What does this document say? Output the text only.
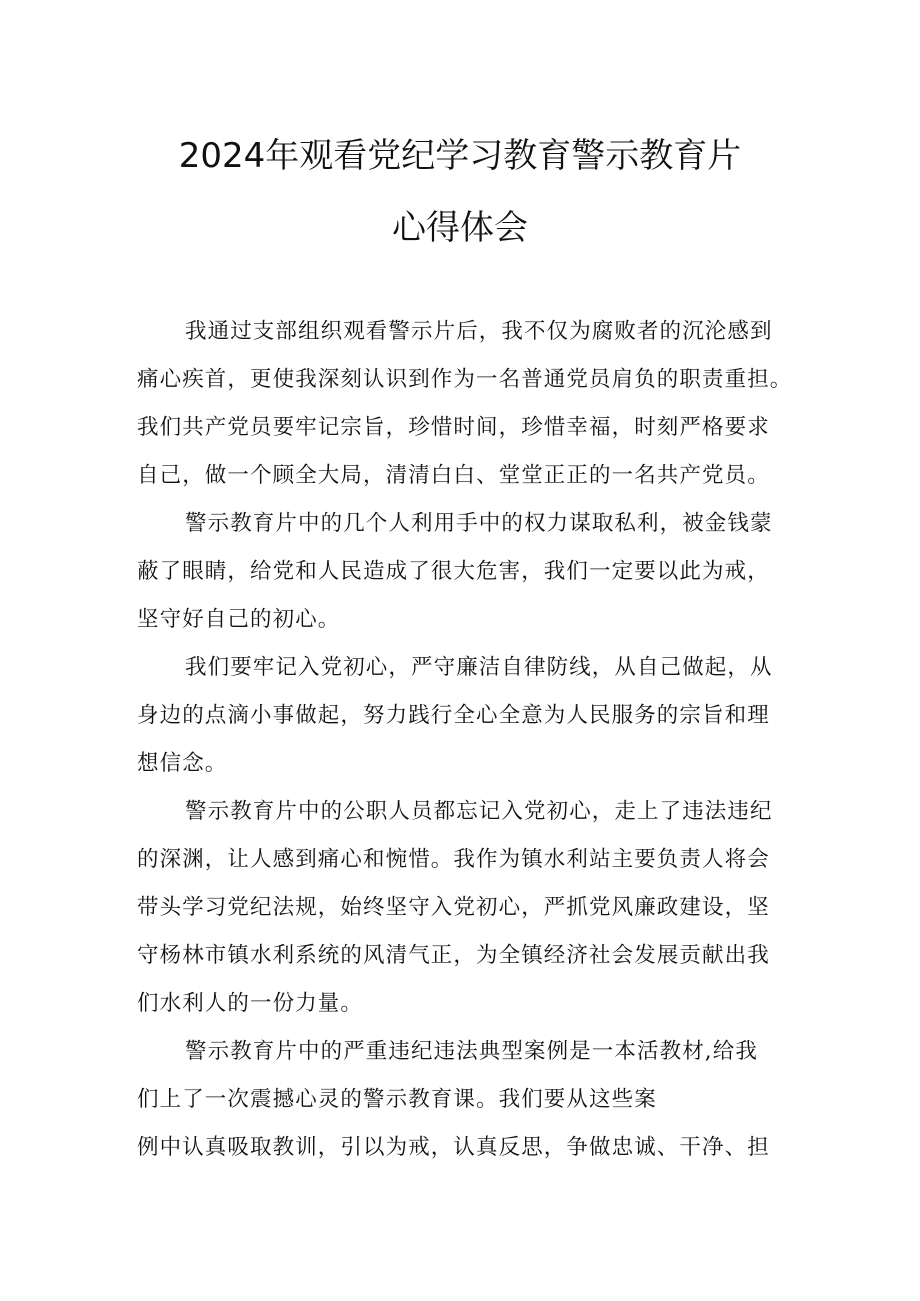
2024年观看党纪学习教育警示教育片
心得体会
我通过支部组织观看警示片后，我不仅为腐败者的沉沦感到
痛心疾首，更使我深刻认识到作为一名普通党员肩负的职责重担。
我们共产党员要牢记宗旨，珍惜时间，珍惜幸福，时刻严格要求
自己，做一个顾全大局，清清白白、堂堂正正的一名共产党员。
警示教育片中的几个人利用手中的权力谋取私利，被金钱蒙
蔽了眼睛，给党和人民造成了很大危害，我们一定要以此为戒，
坚守好自己的初心。
我们要牢记入党初心，严守廉洁自律防线，从自己做起，从
身边的点滴小事做起，努力践行全心全意为人民服务的宗旨和理
想信念。
警示教育片中的公职人员都忘记入党初心，走上了违法违纪
的深渊，让人感到痛心和惋惜。我作为镇水利站主要负责人将会
带头学习党纪法规，始终坚守入党初心，严抓党风廉政建设，坚
守杨林市镇水利系统的风清气正，为全镇经济社会发展贡献出我
们水利人的一份力量。
警示教育片中的严重违纪违法典型案例是一本活教材,给我
们上了一次震撼心灵的警示教育课。我们要从这些案
例中认真吸取教训，引以为戒，认真反思，争做忠诚、干净、担
